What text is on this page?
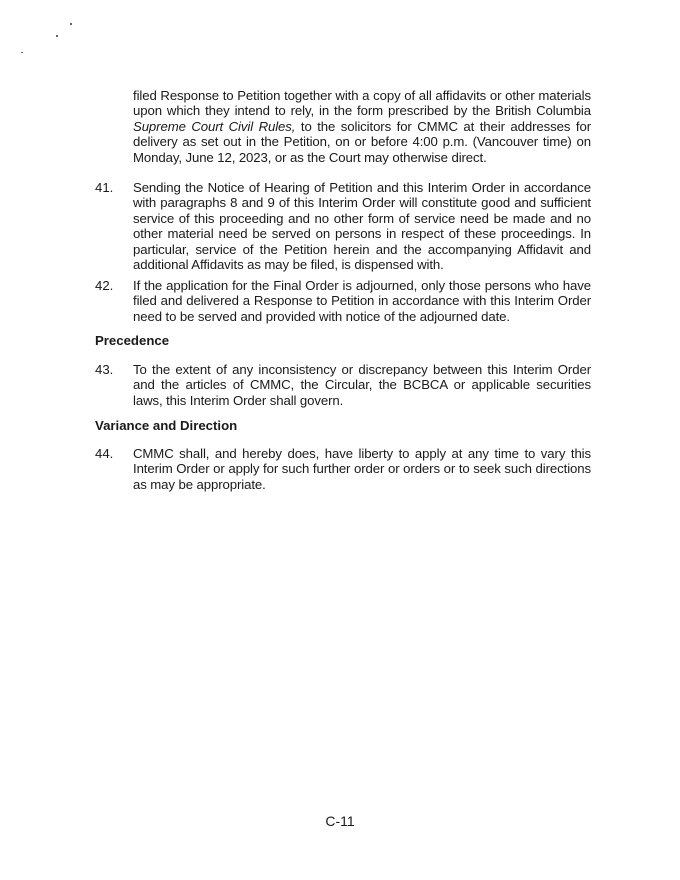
filed Response to Petition together with a copy of all affidavits or other materials upon which they intend to rely, in the form prescribed by the British Columbia Supreme Court Civil Rules, to the solicitors for CMMC at their addresses for delivery as set out in the Petition, on or before 4:00 p.m. (Vancouver time) on Monday, June 12, 2023, or as the Court may otherwise direct.
41. Sending the Notice of Hearing of Petition and this Interim Order in accordance with paragraphs 8 and 9 of this Interim Order will constitute good and sufficient service of this proceeding and no other form of service need be made and no other material need be served on persons in respect of these proceedings. In particular, service of the Petition herein and the accompanying Affidavit and additional Affidavits as may be filed, is dispensed with.
42. If the application for the Final Order is adjourned, only those persons who have filed and delivered a Response to Petition in accordance with this Interim Order need to be served and provided with notice of the adjourned date.
Precedence
43. To the extent of any inconsistency or discrepancy between this Interim Order and the articles of CMMC, the Circular, the BCBCA or applicable securities laws, this Interim Order shall govern.
Variance and Direction
44. CMMC shall, and hereby does, have liberty to apply at any time to vary this Interim Order or apply for such further order or orders or to seek such directions as may be appropriate.
C-11
